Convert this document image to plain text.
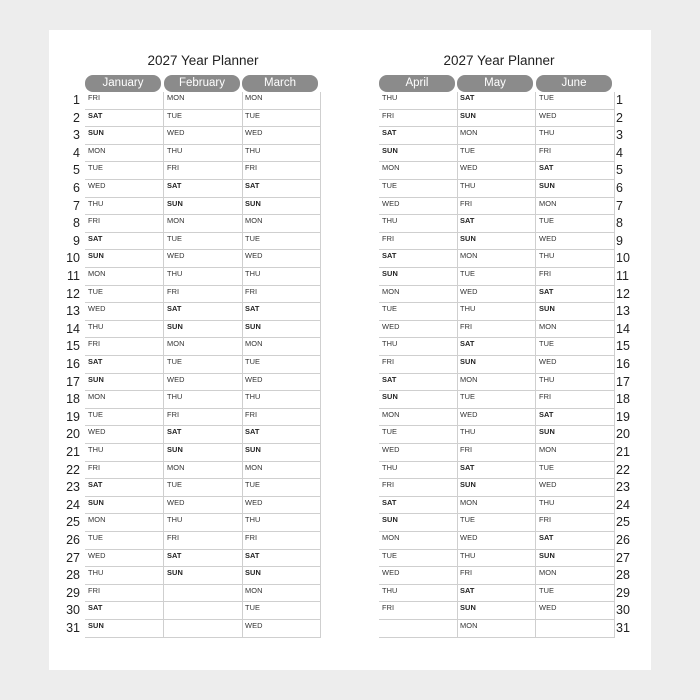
2027 Year Planner
January
FRI
SAT
SUN
MON
TUE
WED
THU
FRI
SAT
SUN
MON
TUE
WED
THU
FRI
SAT
SUN
MON
TUE
WED
THU
FRI
SAT
SUN
MON
TUE
WED
THU
FRI
SAT
SUN
February
MON
TUE
WED
THU
FRI
SAT
SUN
MON
TUE
WED
THU
FRI
SAT
SUN
MON
TUE
WED
THU
FRI
SAT
SUN
MON
TUE
WED
THU
FRI
SAT
SUN
March
MON
TUE
WED
THU
FRI
SAT
SUN
MON
TUE
WED
THU
FRI
SAT
SUN
MON
TUE
WED
THU
FRI
SAT
SUN
MON
TUE
WED
THU
FRI
SAT
SUN
MON
TUE
WED
1
2
3
4
5
6
7
8
9
10
11
12
13
14
15
16
17
18
19
20
21
22
23
24
25
26
27
28
29
30
31
2027 Year Planner
April
THU
FRI
SAT
SUN
MON
TUE
WED
THU
FRI
SAT
SUN
MON
TUE
WED
THU
FRI
SAT
SUN
MON
TUE
WED
THU
FRI
SAT
SUN
MON
TUE
WED
THU
FRI
May
SAT
SUN
MON
TUE
WED
THU
FRI
SAT
SUN
MON
TUE
WED
THU
FRI
SAT
SUN
MON
TUE
WED
THU
FRI
SAT
SUN
MON
TUE
WED
THU
FRI
SAT
SUN
MON
June
TUE
WED
THU
FRI
SAT
SUN
MON
TUE
WED
THU
FRI
SAT
SUN
MON
TUE
WED
THU
FRI
SAT
SUN
MON
TUE
WED
THU
FRI
SAT
SUN
MON
TUE
WED
1
2
3
4
5
6
7
8
9
10
11
12
13
14
15
16
17
18
19
20
21
22
23
24
25
26
27
28
29
30
31
